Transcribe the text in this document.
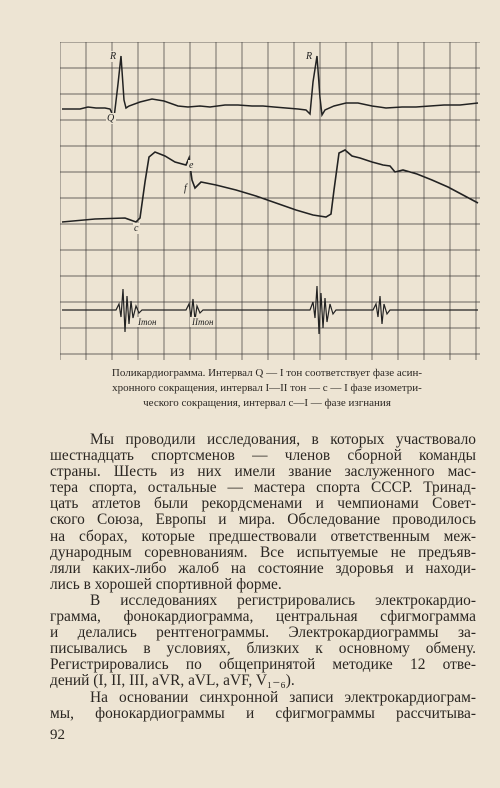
R	R
Q
c
e
f
Iтон	IIтон
Поликардиограмма. Интервал Q — I тон соответствует фазе асин-
хронного сокращения, интервал I—II тон — с — I фазе изометри-
ческого сокращения, интервал с—I — фазе изгнания

Мы проводили исследования, в которых участвовало
шестнадцать спортсменов — членов сборной команды
страны. Шесть из них имели звание заслуженного мас-
тера спорта, остальные — мастера спорта СССР. Тринад-
цать атлетов были рекордсменами и чемпионами Совет-
ского Союза, Европы и мира. Обследование проводилось
на сборах, которые предшествовали ответственным меж-
дународным соревнованиям. Все испытуемые не предъяв-
ляли каких-либо жалоб на состояние здоровья и находи-
лись в хорошей спортивной форме.

В исследованиях регистрировались электрокардио-
грамма, фонокардиограмма, центральная сфигмограмма
и делались рентгенограммы. Электрокардиограммы за-
писывались в условиях, близких к основному обмену.
Регистрировались по общепринятой методике 12 отве-
дений (I, II, III, aVR, aVL, aVF, V₁₋₆).

На основании синхронной записи электрокардиограм-
мы, фонокардиограммы и сфигмограммы рассчитыва-

92
